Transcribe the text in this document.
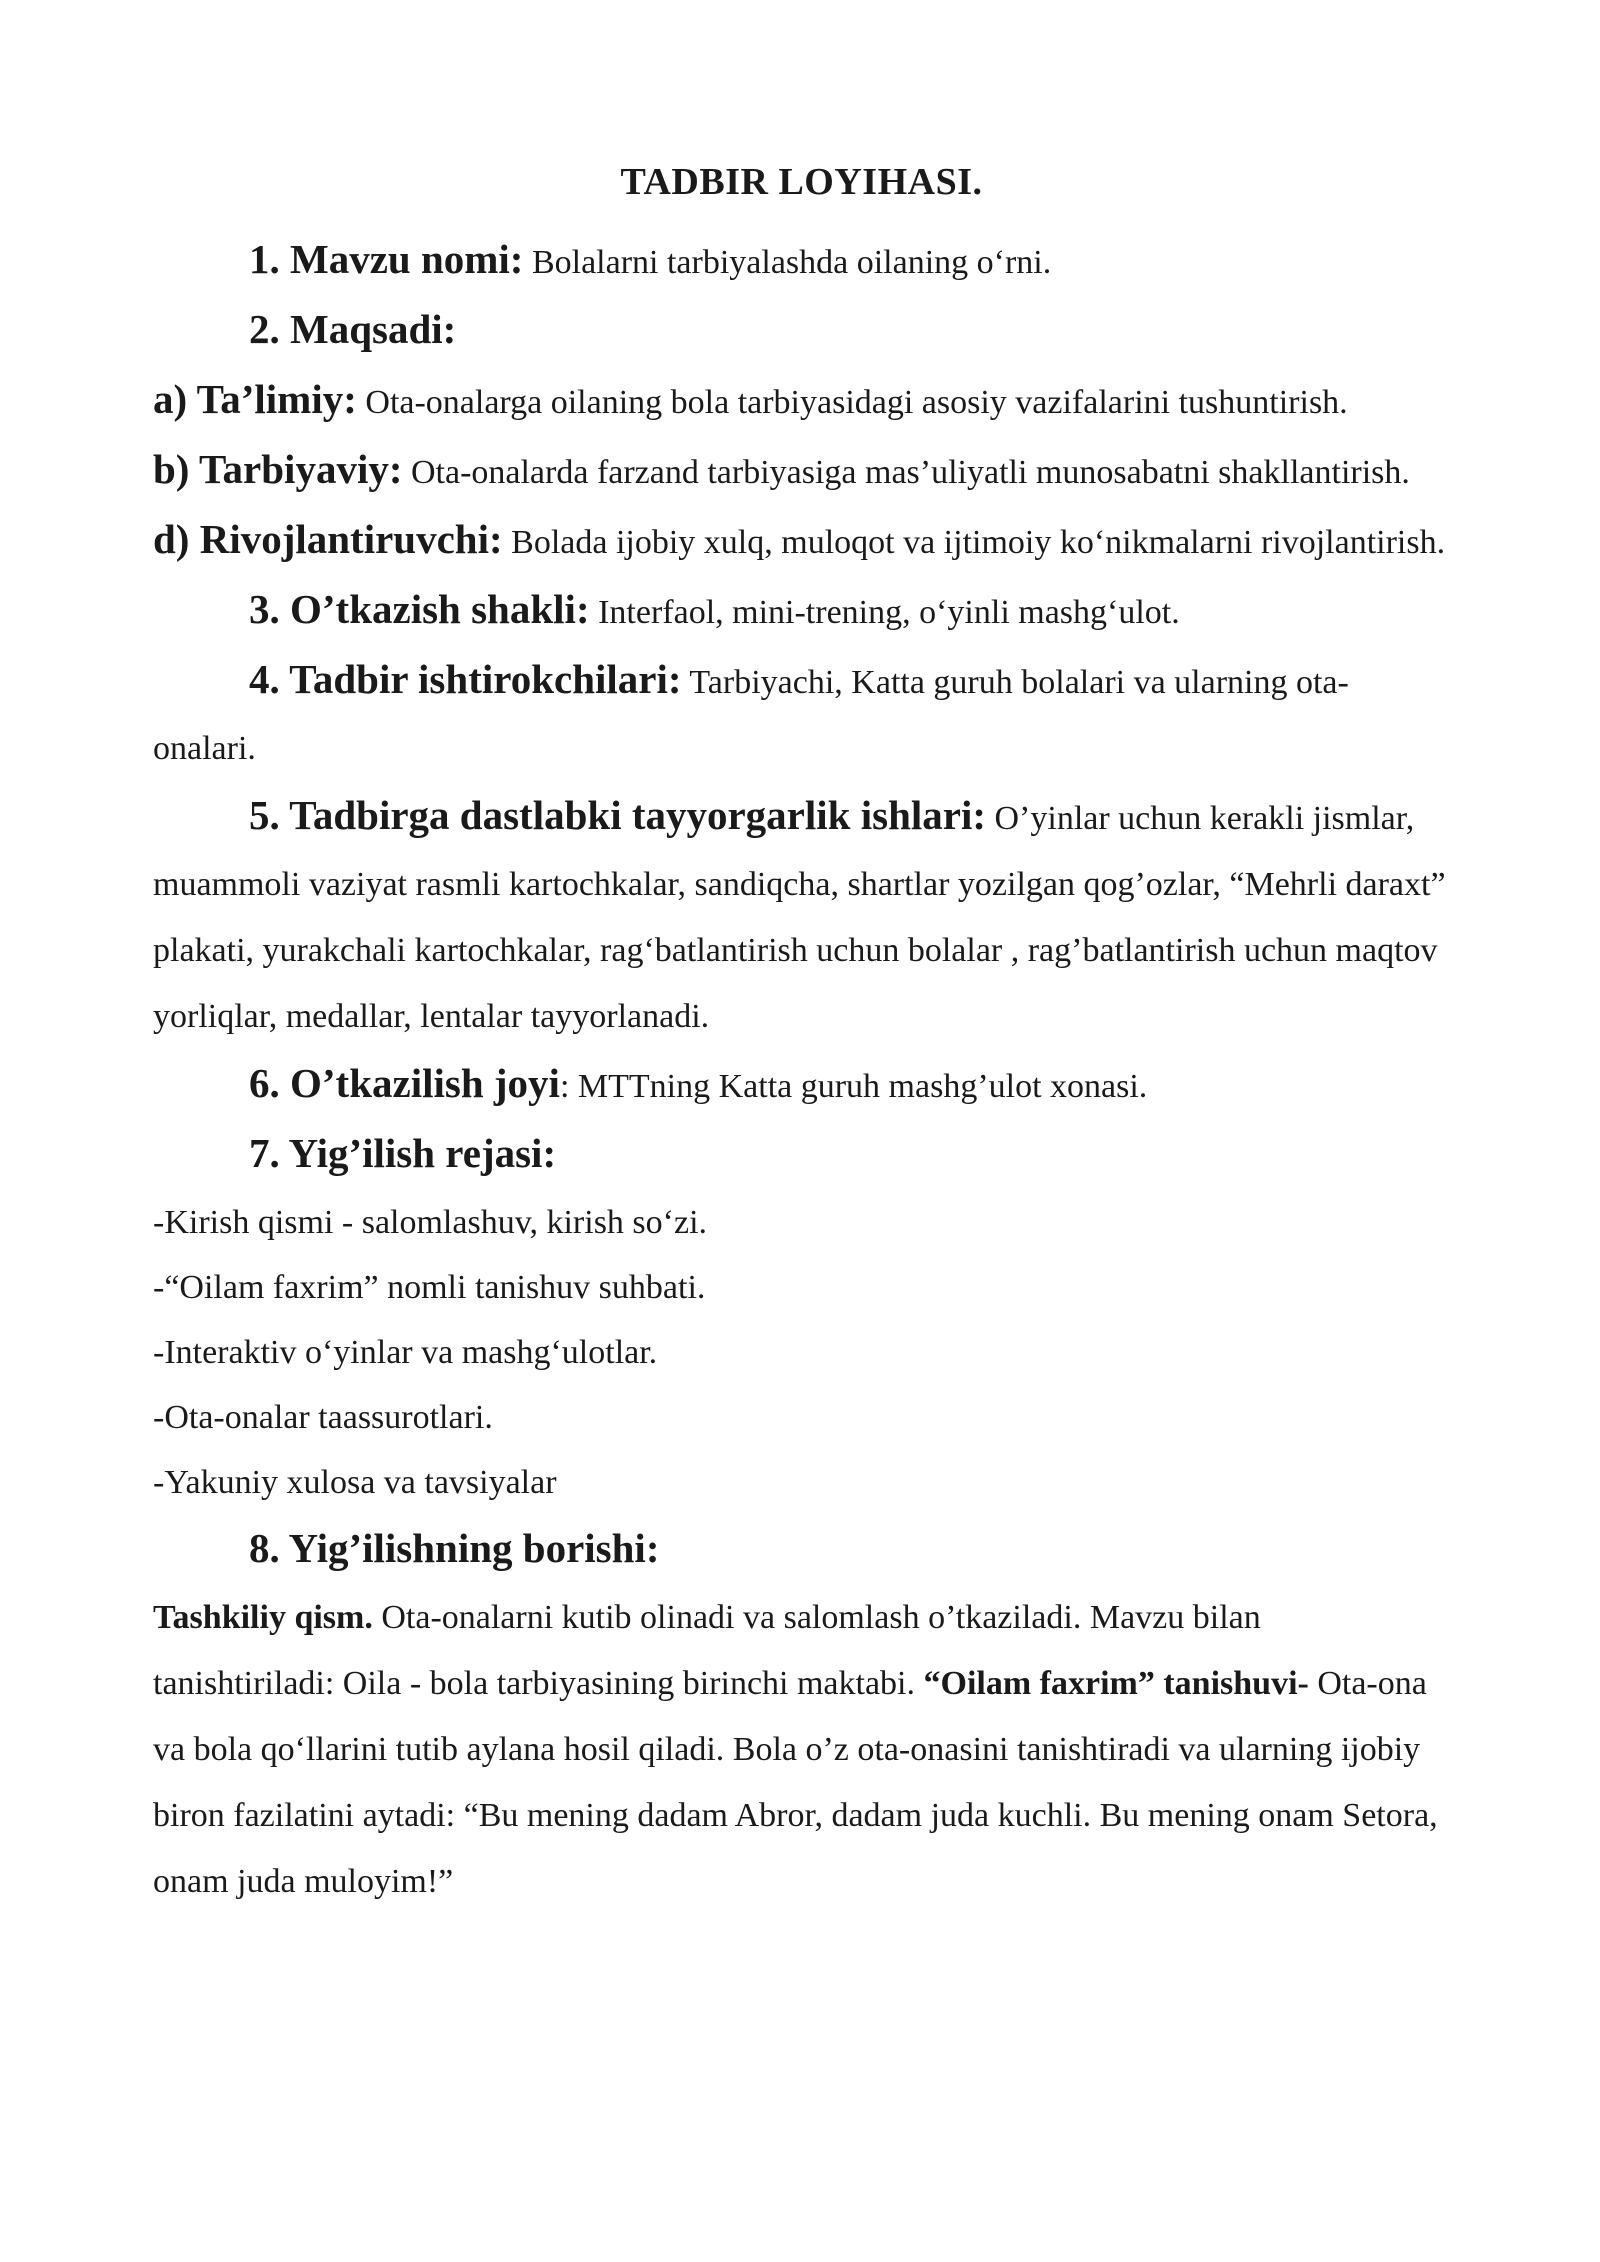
TADBIR LOYIHASI.

1. Mavzu nomi: Bolalarni tarbiyalashda oilaning o‘rni.

2. Maqsadi:

a) Ta’limiy: Ota-onalarga oilaning bola tarbiyasidagi asosiy vazifalarini tushuntirish.

b) Tarbiyaviy: Ota-onalarda farzand tarbiyasiga mas’uliyatli munosabatni shakllantirish.

d) Rivojlantiruvchi: Bolada ijobiy xulq, muloqot va ijtimoiy ko‘nikmalarni rivojlantirish.

3. O’tkazish shakli: Interfaol, mini-trening, o‘yinli mashg‘ulot.

4. Tadbir ishtirokchilari: Tarbiyachi, Katta guruh bolalari va ularning ota-onalari.

5. Tadbirga dastlabki tayyorgarlik ishlari: O’yinlar uchun kerakli jismlar, muammoli vaziyat rasmli kartochkalar, sandiqcha, shartlar yozilgan qog’ozlar, “Mehrli daraxt” plakati, yurakchali kartochkalar, rag‘batlantirish uchun bolalar , rag’batlantirish uchun maqtov yorliqlar, medallar, lentalar tayyorlanadi.

6. O’tkazilish joyi: MTTning Katta guruh mashg’ulot xonasi.

7. Yig’ilish rejasi:

-Kirish qismi - salomlashuv, kirish so‘zi.

-“Oilam faxrim” nomli tanishuv suhbati.

-Interaktiv o‘yinlar va mashg‘ulotlar.

-Ota-onalar taassurotlari.

-Yakuniy xulosa va tavsiyalar

8. Yig’ilishning borishi:

Tashkiliy qism. Ota-onalarni kutib olinadi va salomlash o’tkaziladi. Mavzu bilan tanishtiriladi: Oila - bola tarbiyasining birinchi maktabi. “Oilam faxrim” tanishuvi- Ota-ona va bola qo‘llarini tutib aylana hosil qiladi. Bola o’z ota-onasini tanishtiradi va ularning ijobiy biron fazilatini aytadi: “Bu mening dadam Abror, dadam juda kuchli. Bu mening onam Setora, onam juda muloyim!”
